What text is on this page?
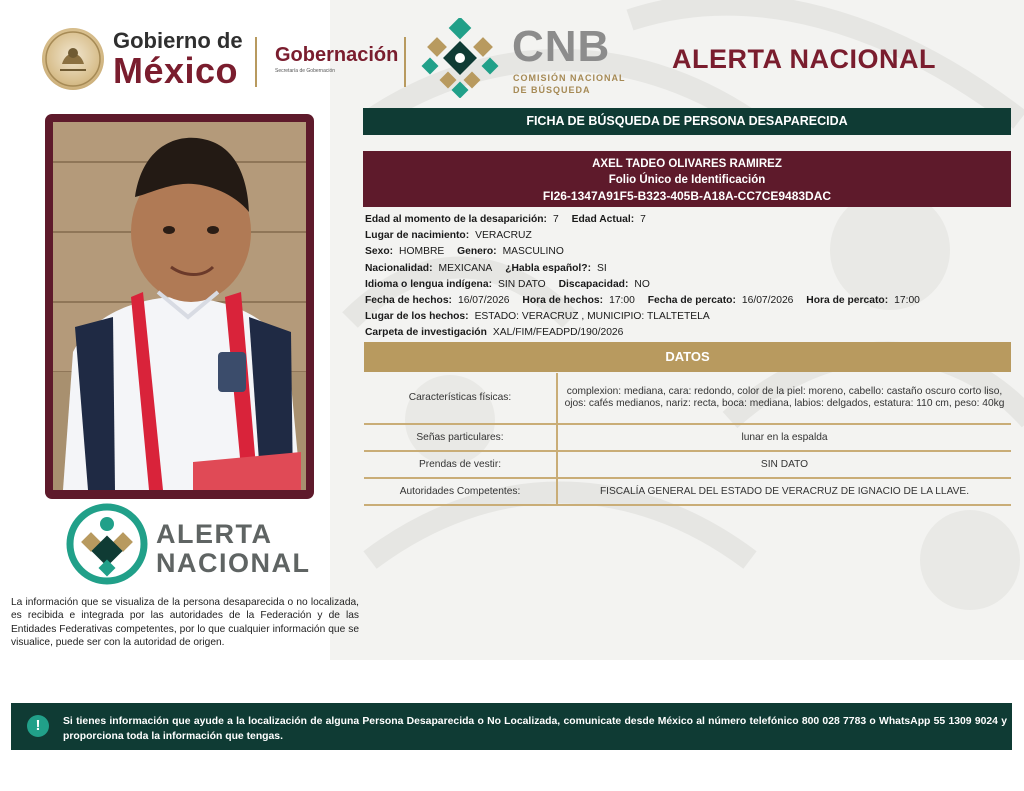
Gobierno de
México Gobernación
Secretaría de Gobernación	CNB
COMISIÓN NACIONAL
DE BÚSQUEDA
ALERTA NACIONAL
FICHA DE BÚSQUEDA DE PERSONA DESAPARECIDA
AXEL TADEO OLIVARES RAMIREZ
Folio Único de Identificación
FI26-1347A91F5-B323-405B-A18A-CC7CE9483DAC
Edad al momento de la desaparición: 7 Edad Actual: 7
Lugar de nacimiento: VERACRUZ
Sexo: HOMBRE Genero: MASCULINO
Nacionalidad: MEXICANA ¿Habla español?: SI
Idioma o lengua indígena: SIN DATO Discapacidad: NO
Fecha de hechos: 16/07/2026 Hora de hechos: 17:00 Fecha de percato: 16/07/2026 Hora de percato: 17:00
Lugar de los hechos: ESTADO: VERACRUZ , MUNICIPIO: TLALTETELA
Carpeta de investigación XAL/FIM/FEADPD/190/2026
DATOS
Características físicas:	complexion: mediana, cara: redondo, color de la piel: moreno, cabello: castaño oscuro corto liso, ojos: cafés medianos, nariz: recta, boca: mediana, labios: delgados, estatura: 110 cm, peso: 40kg
Señas particulares:	lunar en la espalda
Prendas de vestir:	SIN DATO
Autoridades Competentes:	FISCALÍA GENERAL DEL ESTADO DE VERACRUZ DE IGNACIO DE LA LLAVE.
ALERTA
NACIONAL
La información que se visualiza de la persona desaparecida o no localizada, es recibida e integrada por las autoridades de la Federación y de las Entidades Federativas competentes, por lo que cualquier información que se visualice, puede ser con la autoridad de origen.
!	Si tienes información que ayude a la localización de alguna Persona Desaparecida o No Localizada, comunicate desde México al número telefónico 800 028 7783 o WhatsApp 55 1309 9024 y proporciona toda la información que tengas.
